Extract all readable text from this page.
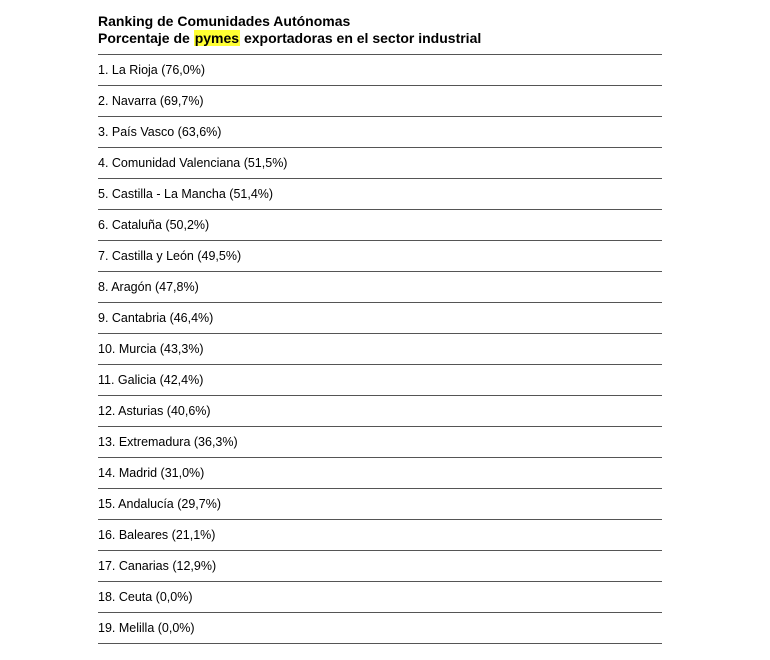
Ranking de Comunidades Autónomas
Porcentaje de pymes exportadoras en el sector industrial
1. La Rioja (76,0%)
2. Navarra (69,7%)
3. País Vasco (63,6%)
4. Comunidad Valenciana (51,5%)
5. Castilla - La Mancha (51,4%)
6. Cataluña (50,2%)
7. Castilla y León (49,5%)
8. Aragón (47,8%)
9. Cantabria (46,4%)
10. Murcia (43,3%)
11. Galicia (42,4%)
12. Asturias (40,6%)
13. Extremadura (36,3%)
14. Madrid (31,0%)
15. Andalucía (29,7%)
16. Baleares (21,1%)
17. Canarias (12,9%)
18. Ceuta (0,0%)
19. Melilla (0,0%)
